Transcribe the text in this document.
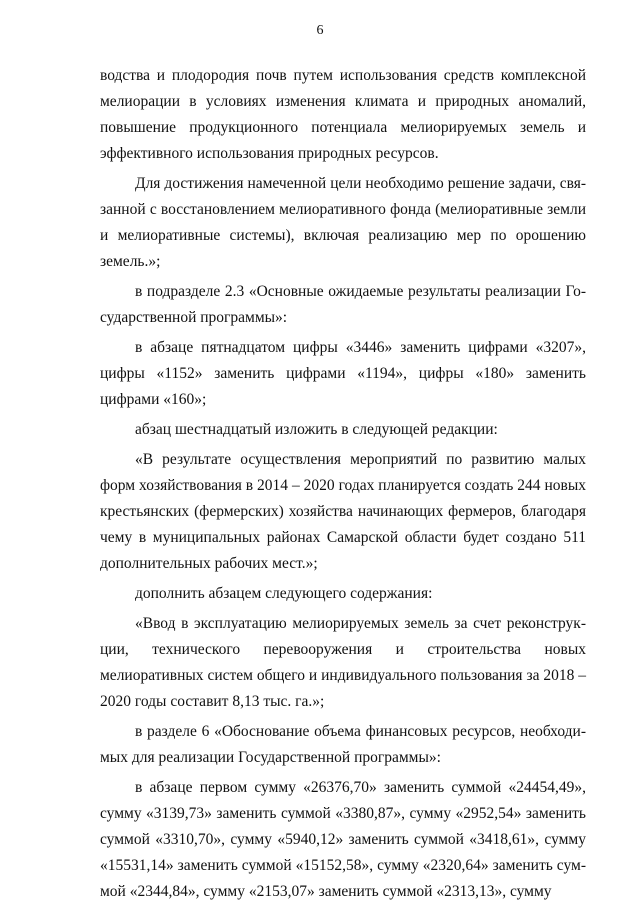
6

водства и плодородия почв путем использования средств комплексной мелиорации в условиях изменения климата и природных аномалий, повышение продукционного потенциала мелиорируемых земель и эффективного использования природных ресурсов.

Для достижения намеченной цели необходимо решение задачи, связанной с восстановлением мелиоративного фонда (мелиоративные земли и мелиоративные системы), включая реализацию мер по орошению земель.»;

в подразделе 2.3 «Основные ожидаемые результаты реализации Государственной программы»:

в абзаце пятнадцатом цифры «3446» заменить цифрами «3207», цифры «1152» заменить цифрами «1194», цифры «180» заменить цифрами «160»;

абзац шестнадцатый изложить в следующей редакции:

«В результате осуществления мероприятий по развитию малых форм хозяйствования в 2014 – 2020 годах планируется создать 244 новых крестьянских (фермерских) хозяйства начинающих фермеров, благодаря чему в муниципальных районах Самарской области будет создано 511 дополнительных рабочих мест.»;

дополнить абзацем следующего содержания:

«Ввод в эксплуатацию мелиорируемых земель за счет реконструкции, технического перевооружения и строительства новых мелиоративных систем общего и индивидуального пользования за 2018 – 2020 годы составит 8,13 тыс. га.»;

в разделе 6 «Обоснование объема финансовых ресурсов, необходимых для реализации Государственной программы»:

в абзаце первом сумму «26376,70» заменить суммой «24454,49», сумму «3139,73» заменить суммой «3380,87», сумму «2952,54» заменить суммой «3310,70», сумму «5940,12» заменить суммой «3418,61», сумму «15531,14» заменить суммой «15152,58», сумму «2320,64» заменить суммой «2344,84», сумму «2153,07» заменить суммой «2313,13», сумму
